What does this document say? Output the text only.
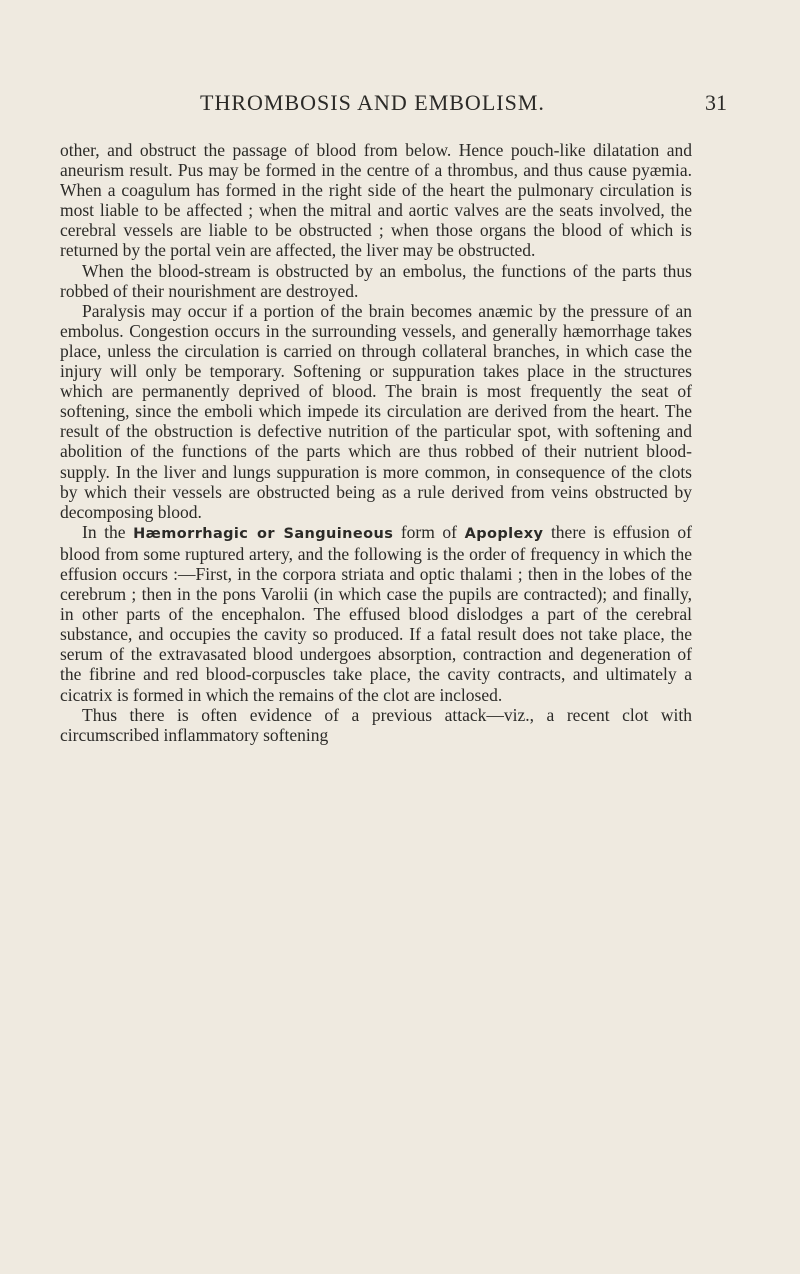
THROMBOSIS AND EMBOLISM.	31

other, and obstruct the passage of blood from below. Hence pouch-like dilatation and aneurism result. Pus may be formed in the centre of a thrombus, and thus cause pyæmia. When a coagulum has formed in the right side of the heart the pulmonary circulation is most liable to be affected ; when the mitral and aortic valves are the seats involved, the cerebral vessels are liable to be obstructed ; when those organs the blood of which is returned by the portal vein are affected, the liver may be obstructed.

When the blood-stream is obstructed by an embolus, the functions of the parts thus robbed of their nourishment are destroyed.

Paralysis may occur if a portion of the brain becomes anæmic by the pressure of an embolus. Congestion occurs in the surrounding vessels, and generally hæmorrhage takes place, unless the circulation is carried on through collateral branches, in which case the injury will only be temporary. Softening or suppuration takes place in the structures which are permanently deprived of blood. The brain is most frequently the seat of softening, since the emboli which impede its circulation are derived from the heart. The result of the obstruction is defective nutrition of the particular spot, with softening and abolition of the functions of the parts which are thus robbed of their nutrient blood-supply. In the liver and lungs suppuration is more common, in consequence of the clots by which their vessels are obstructed being as a rule derived from veins obstructed by decomposing blood.

In the Hæmorrhagic or Sanguineous form of Apoplexy there is effusion of blood from some ruptured artery, and the following is the order of frequency in which the effusion occurs :—First, in the corpora striata and optic thalami ; then in the lobes of the cerebrum ; then in the pons Varolii (in which case the pupils are contracted); and finally, in other parts of the encephalon. The effused blood dislodges a part of the cerebral substance, and occupies the cavity so produced. If a fatal result does not take place, the serum of the extravasated blood undergoes absorption, contraction and degeneration of the fibrine and red blood-corpuscles take place, the cavity contracts, and ultimately a cicatrix is formed in which the remains of the clot are inclosed.

Thus there is often evidence of a previous attack—viz., a recent clot with circumscribed inflammatory softening
